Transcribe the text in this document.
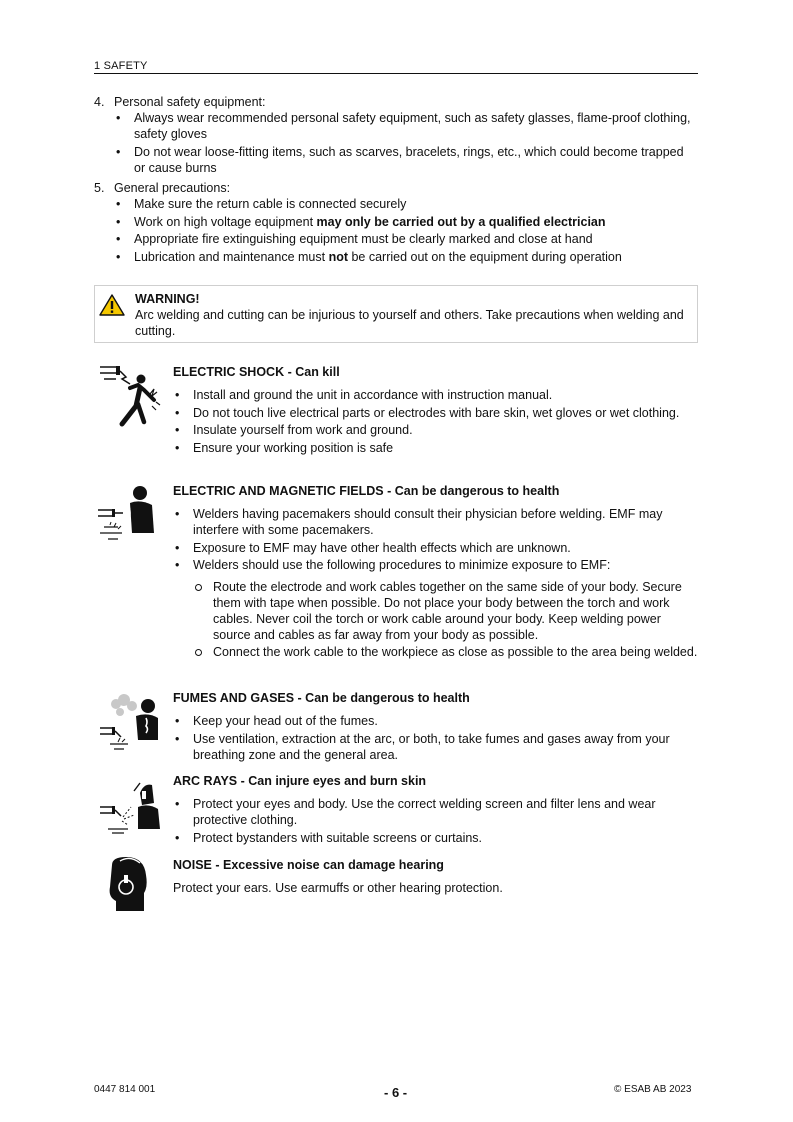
1 SAFETY
4. Personal safety equipment:
• Always wear recommended personal safety equipment, such as safety glasses, flame-proof clothing, safety gloves
• Do not wear loose-fitting items, such as scarves, bracelets, rings, etc., which could become trapped or cause burns
5. General precautions:
• Make sure the return cable is connected securely
• Work on high voltage equipment may only be carried out by a qualified electrician
• Appropriate fire extinguishing equipment must be clearly marked and close at hand
• Lubrication and maintenance must not be carried out on the equipment during operation
WARNING!
Arc welding and cutting can be injurious to yourself and others. Take precautions when welding and cutting.
ELECTRIC SHOCK - Can kill
• Install and ground the unit in accordance with instruction manual.
• Do not touch live electrical parts or electrodes with bare skin, wet gloves or wet clothing.
• Insulate yourself from work and ground.
• Ensure your working position is safe
ELECTRIC AND MAGNETIC FIELDS - Can be dangerous to health
• Welders having pacemakers should consult their physician before welding. EMF may interfere with some pacemakers.
• Exposure to EMF may have other health effects which are unknown.
• Welders should use the following procedures to minimize exposure to EMF:
Route the electrode and work cables together on the same side of your body. Secure them with tape when possible. Do not place your body between the torch and work cables. Never coil the torch or work cable around your body. Keep welding power source and cables as far away from your body as possible.
Connect the work cable to the workpiece as close as possible to the area being welded.
FUMES AND GASES - Can be dangerous to health
• Keep your head out of the fumes.
• Use ventilation, extraction at the arc, or both, to take fumes and gases away from your breathing zone and the general area.
ARC RAYS - Can injure eyes and burn skin
• Protect your eyes and body. Use the correct welding screen and filter lens and wear protective clothing.
• Protect bystanders with suitable screens or curtains.
NOISE - Excessive noise can damage hearing
Protect your ears. Use earmuffs or other hearing protection.
0447 814 001	- 6 -	© ESAB AB 2023
